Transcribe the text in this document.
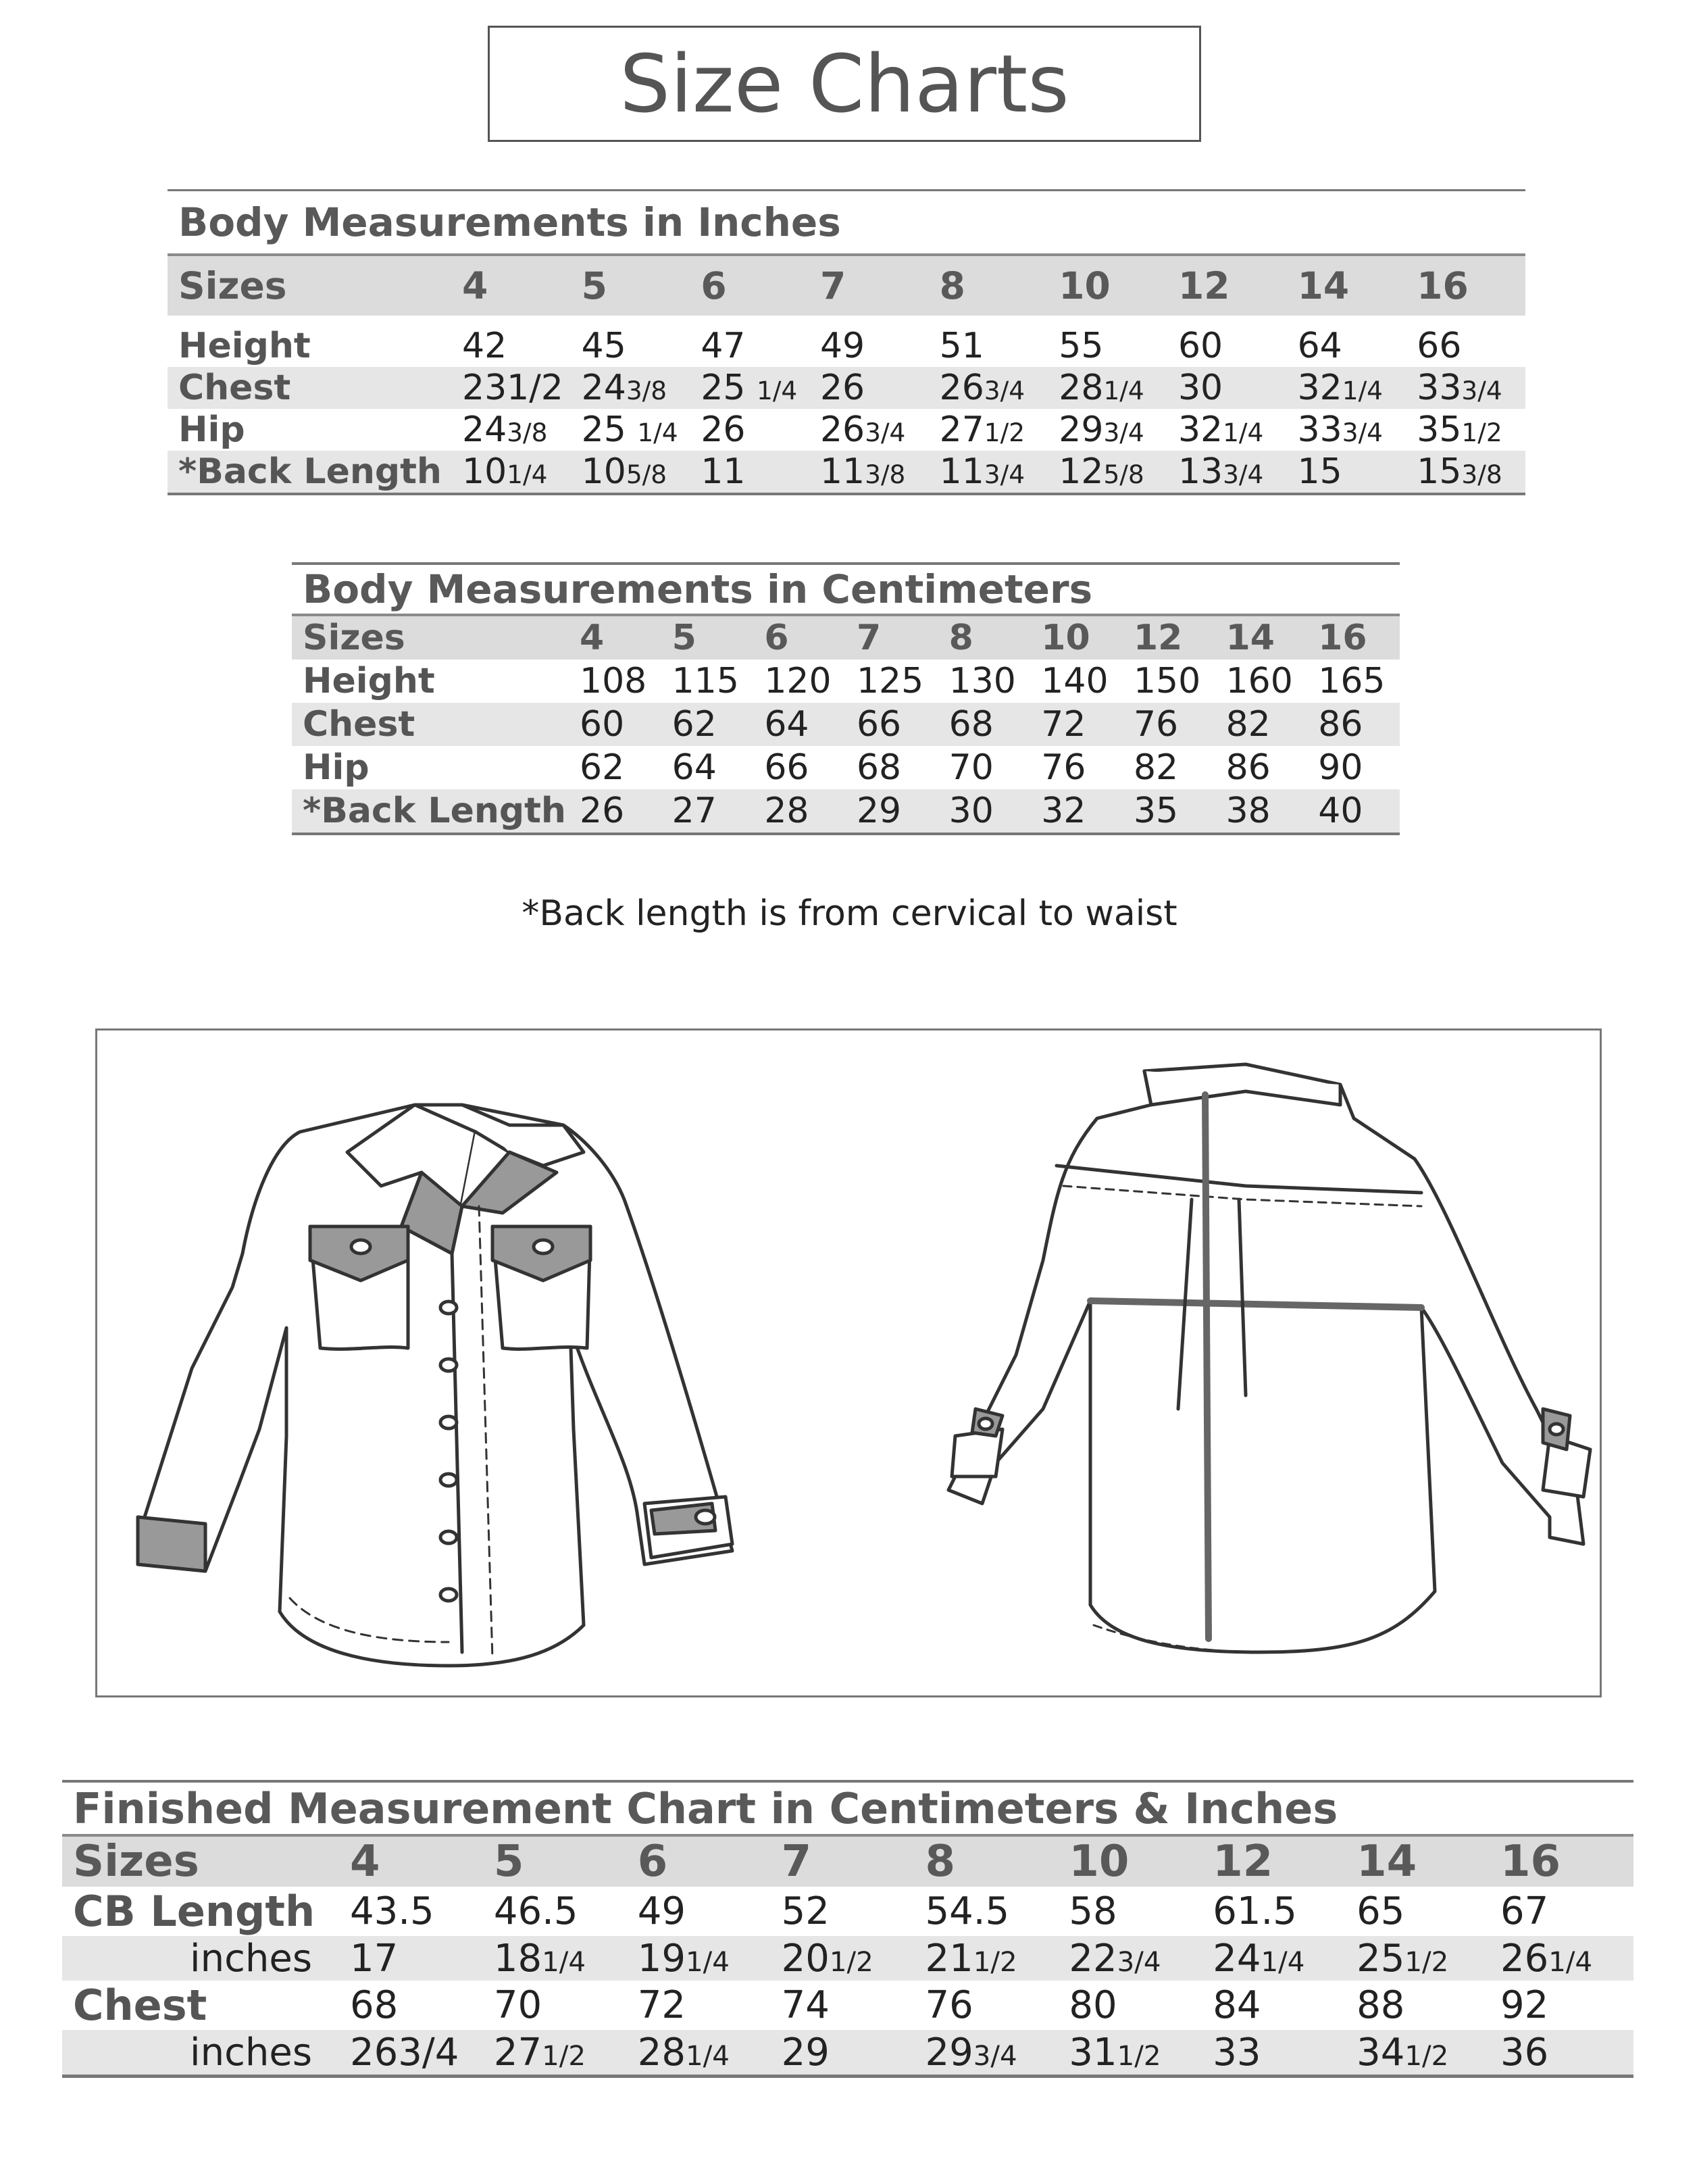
Size Charts
Body Measurements in Inches									
Sizes	4	5	6	7	8	10	12	14	16

Height	42	45	47	49	51	55	60	64	66
Chest	231/2	243/8	25 1/4	26	263/4	281/4	30	321/4	333/4
Hip	243/8	25 1/4	26	263/4	271/2	293/4	321/4	333/4	351/2
*Back Length	101/4	105/8	11	113/8	113/4	125/8	133/4	15	153/8
Body Measurements in Centimeters									
Sizes	4	5	6	7	8	10	12	14	16
Height	108	115	120	125	130	140	150	160	165
Chest	60	62	64	66	68	72	76	82	86
Hip	62	64	66	68	70	76	82	86	90
*Back Length	26	27	28	29	30	32	35	38	40
*Back length is from cervical to waist
Finished Measurement Chart in Centimeters & Inches									
Sizes	4	5	6	7	8	10	12	14	16
CB Length	43.5	46.5	49	52	54.5	58	61.5	65	67
inches	17	181/4	191/4	201/2	211/2	223/4	241/4	251/2	261/4
Chest	68	70	72	74	76	80	84	88	92
inches	263/4	271/2	281/4	29	293/4	311/2	33	341/2	36
